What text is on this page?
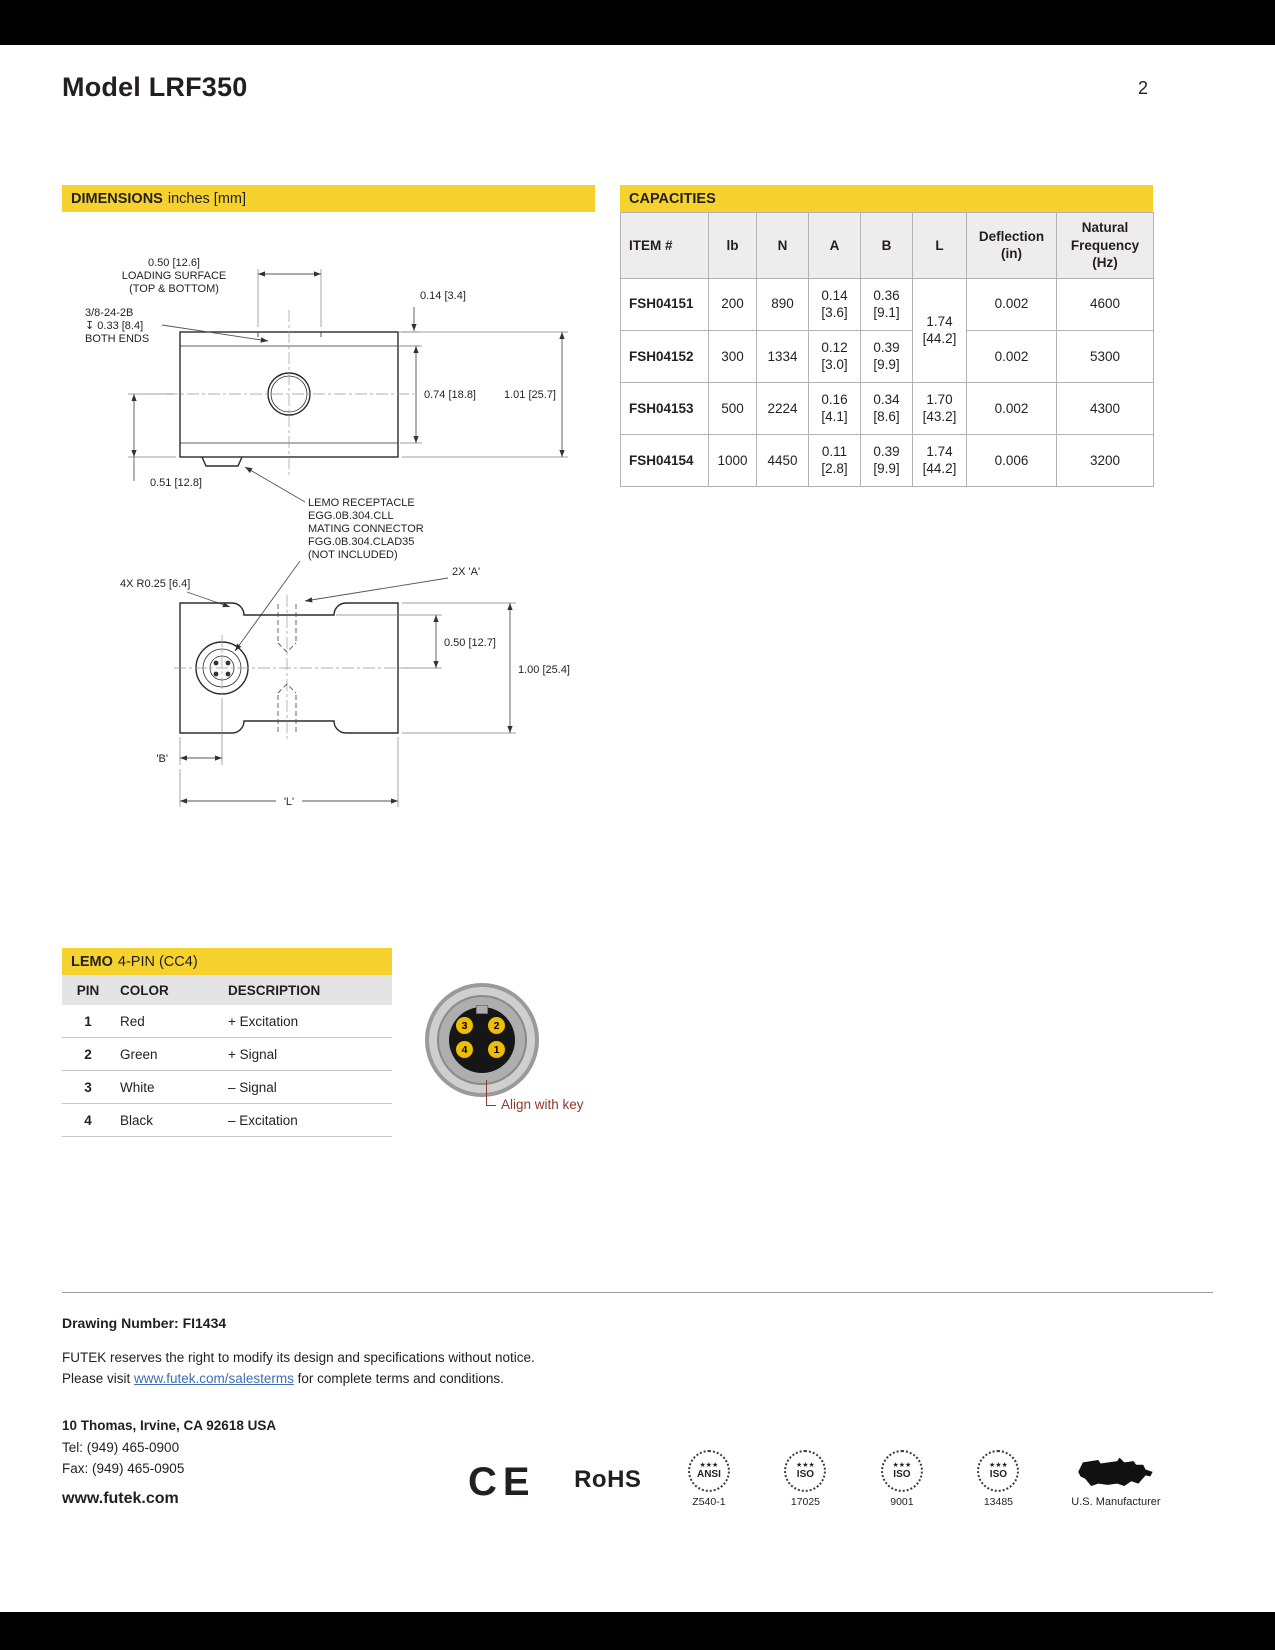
Model LRF350	2
DIMENSIONS inches [mm]
0.50 [12.6]
LOADING SURFACE
(TOP & BOTTOM)
0.14 [3.4]
3/8-24-2B
↧ 0.33 [8.4]
BOTH ENDS
0.74 [18.8]	1.01 [25.7]
0.51 [12.8]
LEMO RECEPTACLE
EGG.0B.304.CLL
MATING CONNECTOR
FGG.0B.304.CLAD35
(NOT INCLUDED)
4X R0.25 [6.4]
2X 'A'
0.50 [12.7]
1.00 [25.4]
'B'
'L'
CAPACITIES
ITEM #	lb	N	A	B	L	Deflection (in)	Natural Frequency (Hz)
FSH04151	200	890	0.14 [3.6]	0.36 [9.1]	1.74 [44.2]	0.002	4600
FSH04152	300	1334	0.12 [3.0]	0.39 [9.9]		0.002	5300
FSH04153	500	2224	0.16 [4.1]	0.34 [8.6]	1.70 [43.2]	0.002	4300
FSH04154	1000	4450	0.11 [2.8]	0.39 [9.9]	1.74 [44.2]	0.006	3200
LEMO 4-PIN (CC4)
PIN	COLOR	DESCRIPTION
1	Red	+ Excitation
2	Green	+ Signal
3	White	– Signal
4	Black	– Excitation
3	2
4	1
Align with key
Drawing Number: FI1434
FUTEK reserves the right to modify its design and specifications without notice.
Please visit www.futek.com/salesterms for complete terms and conditions.
10 Thomas, Irvine, CA 92618 USA
Tel: (949) 465-0900
Fax: (949) 465-0905
www.futek.com	CE RoHS
★★★
ANSI
Z540-1
★★★
ISO
17025
★★★
ISO
9001
★★★
ISO
13485	U.S. Manufacturer
